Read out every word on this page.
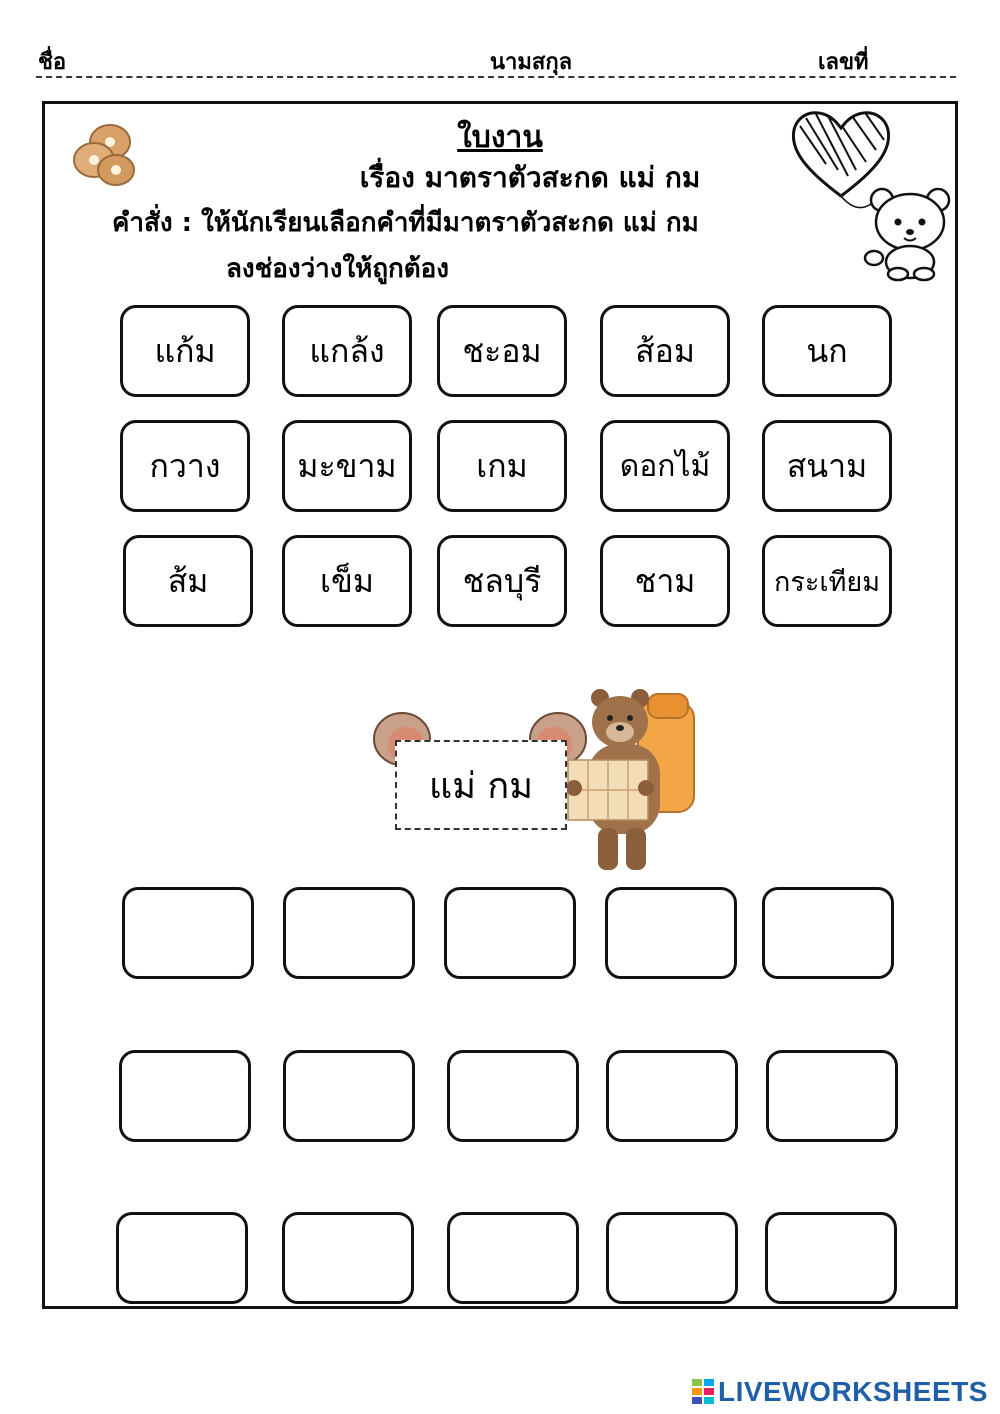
ชื่อ	นามสกุล	เลขที่
ใบงาน
เรื่อง มาตราตัวสะกด แม่ กม
คำสั่ง : ให้นักเรียนเลือกคำที่มีมาตราตัวสะกด แม่ กม
ลงช่องว่างให้ถูกต้อง
แก้ม	แกล้ง	ชะอม	ส้อม	นก
กวาง	มะขาม	เกม	ดอกไม้	สนาม
ส้ม	เข็ม	ชลบุรี	ชาม	กระเทียม
แม่ กม
LIVEWORKSHEETS
